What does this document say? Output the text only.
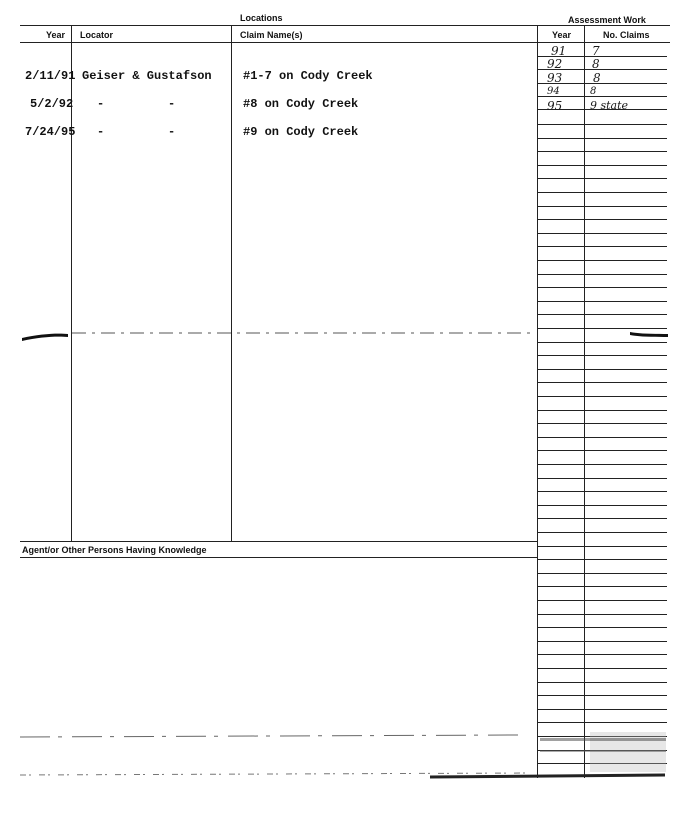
Locations	Assessment Work
Year Locator	Claim Name(s)	Year	No. Claims
Agent/or Other Persons Having Knowledge
2/11/91 Geiser & Gustafson	#1-7 on Cody Creek
5/2/92 -	-	#8 on Cody Creek
7/24/95 -	-	#9 on Cody Creek
91 7
92 8
93	8
94	8
95	9 state
